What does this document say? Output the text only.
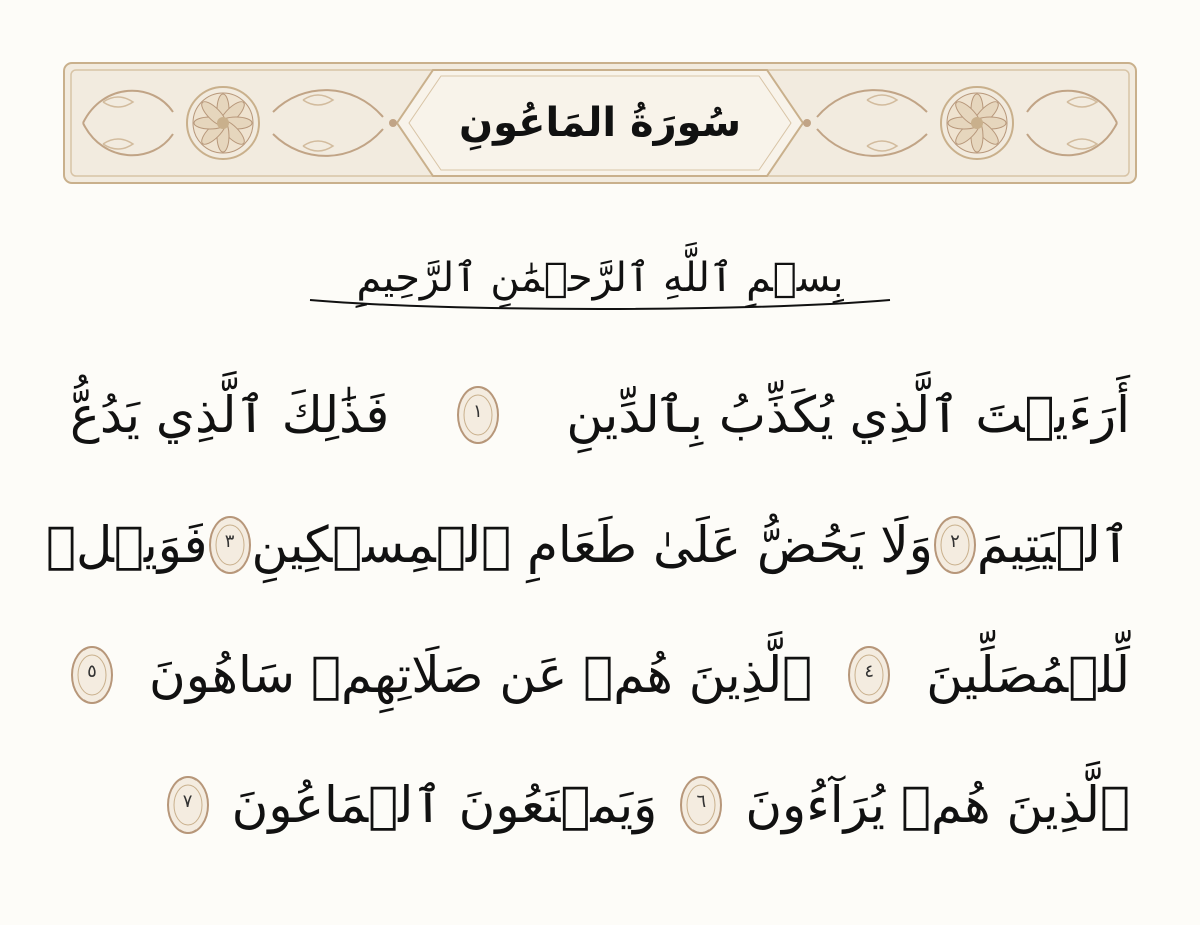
سُورَةُ المَاعُونِ
بِسۡمِ ٱللَّهِ ٱلرَّحۡمَٰنِ ٱلرَّحِيمِ
أَرَءَيۡتَ ٱلَّذِي يُكَذِّبُ بِٱلدِّينِ
١
فَذَٰلِكَ ٱلَّذِي يَدُعُّ
ٱلۡيَتِيمَ
٢
وَلَا يَحُضُّ عَلَىٰ طَعَامِ ٱلۡمِسۡكِينِ
٣
فَوَيۡلٞ
لِّلۡمُصَلِّينَ
٤
ٱلَّذِينَ هُمۡ عَن صَلَاتِهِمۡ سَاهُونَ
٥
ٱلَّذِينَ هُمۡ يُرَآءُونَ
٦
وَيَمۡنَعُونَ ٱلۡمَاعُونَ
٧
